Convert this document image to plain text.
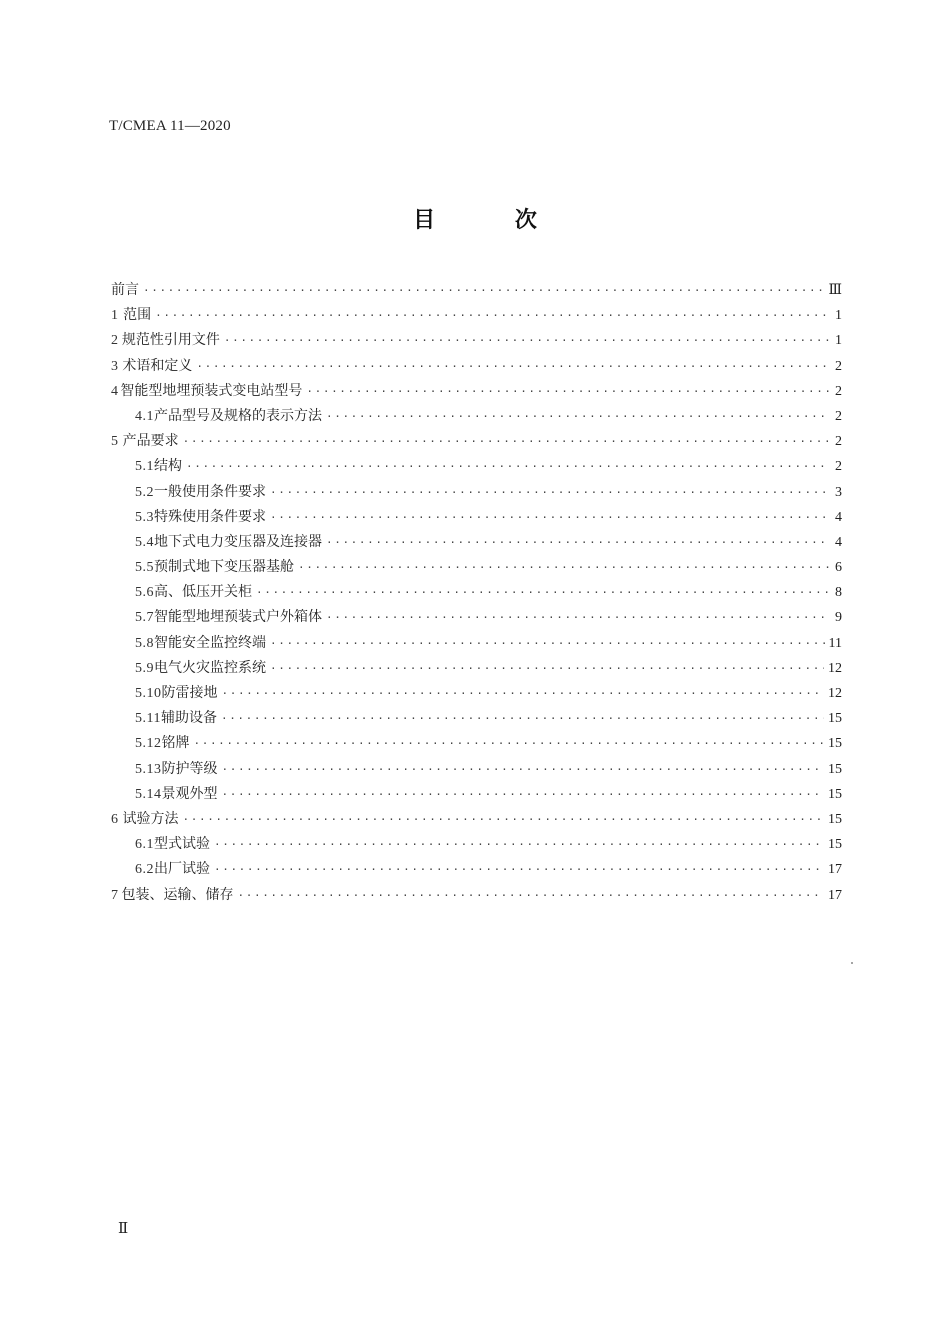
T/CMEA 11—2020
目 次
前言 ·····	Ⅲ
1 范围 ·····	1
2 规范性引用文件 ·····	1
3 术语和定义 ·····	2
4 智能型地埋预装式变电站型号 ·····	2
4.1 产品型号及规格的表示方法 ·····	2
5 产品要求 ·····	2
5.1 结构 ·····	2
5.2 一般使用条件要求 ·····	3
5.3 特殊使用条件要求 ·····	4
5.4 地下式电力变压器及连接器 ·····	4
5.5 预制式地下变压器基舱 ·····	6
5.6 高、低压开关柜 ·····	8
5.7 智能型地埋预装式户外箱体 ·····	9
5.8 智能安全监控终端 ·····	11
5.9 电气火灾监控系统 ·····	12
5.10 防雷接地 ·····	12
5.11 辅助设备 ·····	15
5.12 铭牌 ·····	15
5.13 防护等级 ·····	15
5.14 景观外型 ·····	15
6 试验方法 ·····	15
6.1 型式试验 ·····	15
6.2 出厂试验 ·····	17
7 包装、运输、储存 ·····	17
Ⅱ
